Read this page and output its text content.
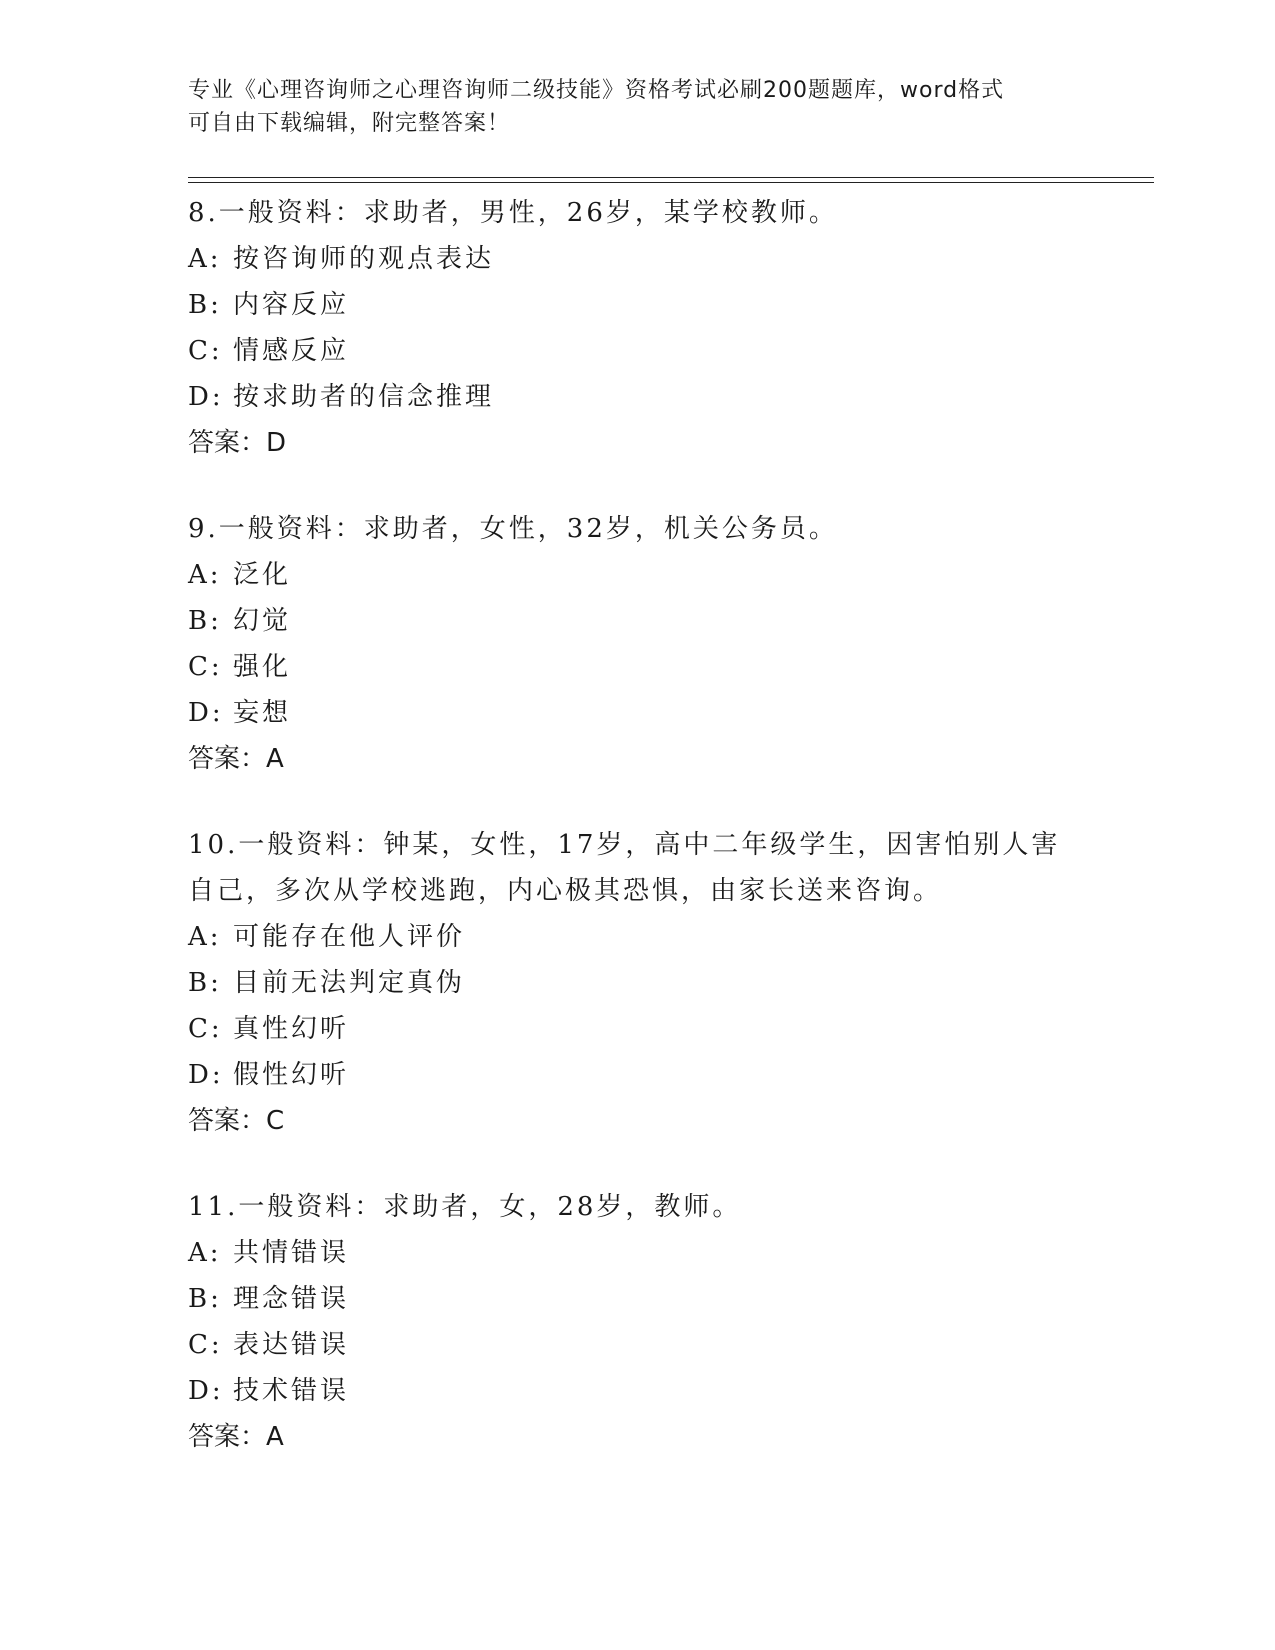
专业《心理咨询师之心理咨询师二级技能》资格考试必刷200题题库，word格式
可自由下载编辑，附完整答案！

8.一般资料：求助者，男性，26岁，某学校教师。

A: 按咨询师的观点表达

B: 内容反应

C: 情感反应

D: 按求助者的信念推理

答案：D

9.一般资料：求助者，女性，32岁，机关公务员。

A: 泛化

B: 幻觉

C: 强化

D: 妄想

答案：A

10.一般资料：钟某，女性，17岁，高中二年级学生，因害怕别人害自己，多次从学校逃跑，内心极其恐惧，由家长送来咨询。

A: 可能存在他人评价

B: 目前无法判定真伪

C: 真性幻听

D: 假性幻听

答案：C

11.一般资料：求助者，女，28岁，教师。

A: 共情错误

B: 理念错误

C: 表达错误

D: 技术错误

答案：A
